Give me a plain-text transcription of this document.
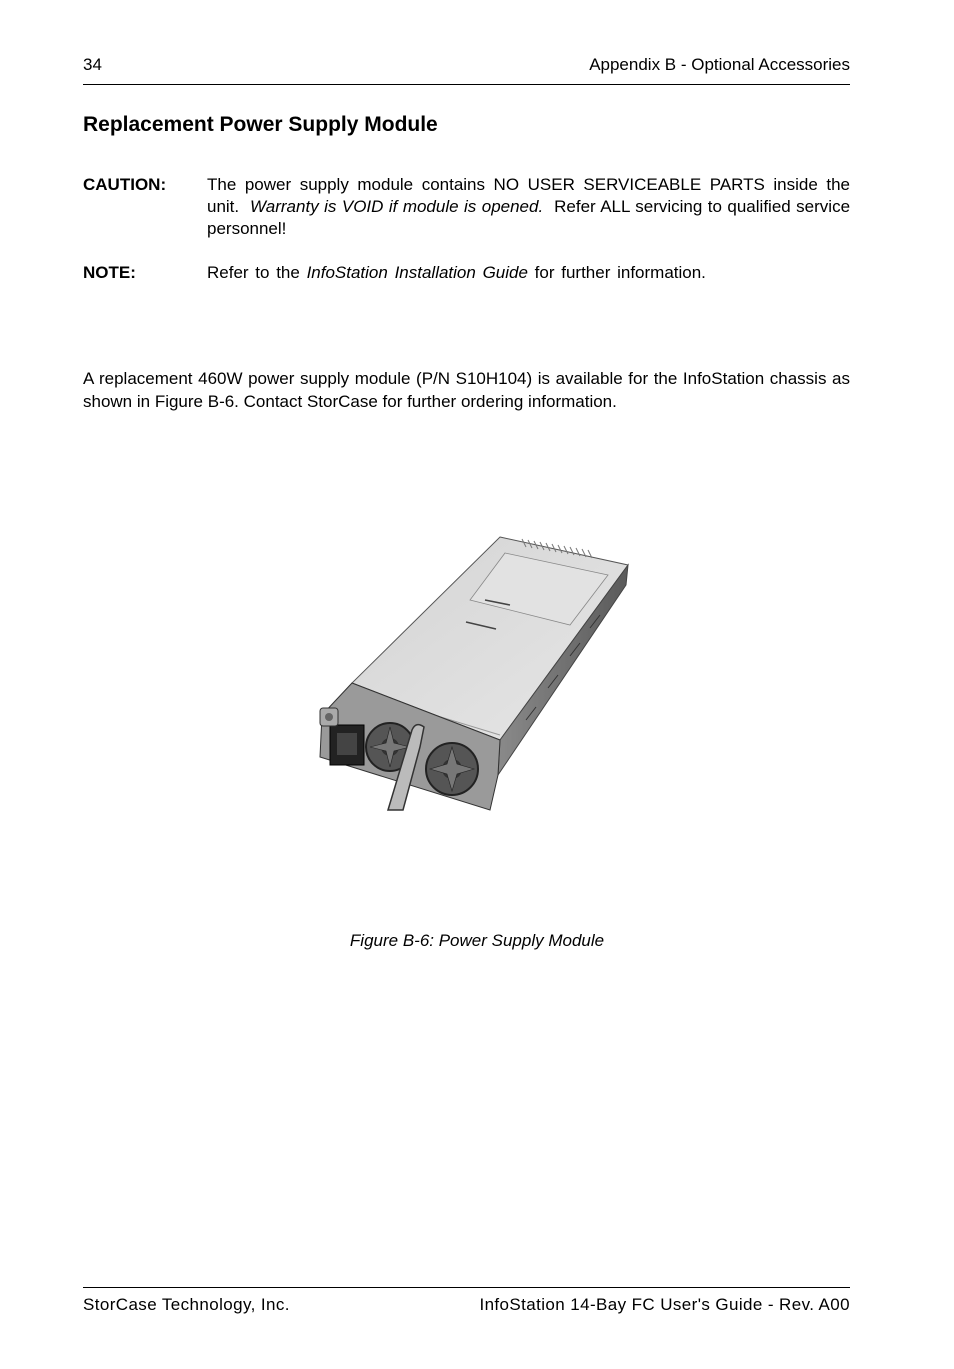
34	Appendix B - Optional Accessories
Replacement Power Supply Module
CAUTION: The power supply module contains NO USER SERVICEABLE PARTS inside the unit. Warranty is VOID if module is opened. Refer ALL servicing to qualified service personnel!
NOTE:	Refer to the InfoStation Installation Guide for further information.
A replacement 460W power supply module (P/N S10H104) is available for the InfoStation chassis as shown in Figure B-6. Contact StorCase for further ordering information.
Figure B-6: Power Supply Module
StorCase Technology, Inc.	InfoStation 14-Bay FC User's Guide - Rev. A00
